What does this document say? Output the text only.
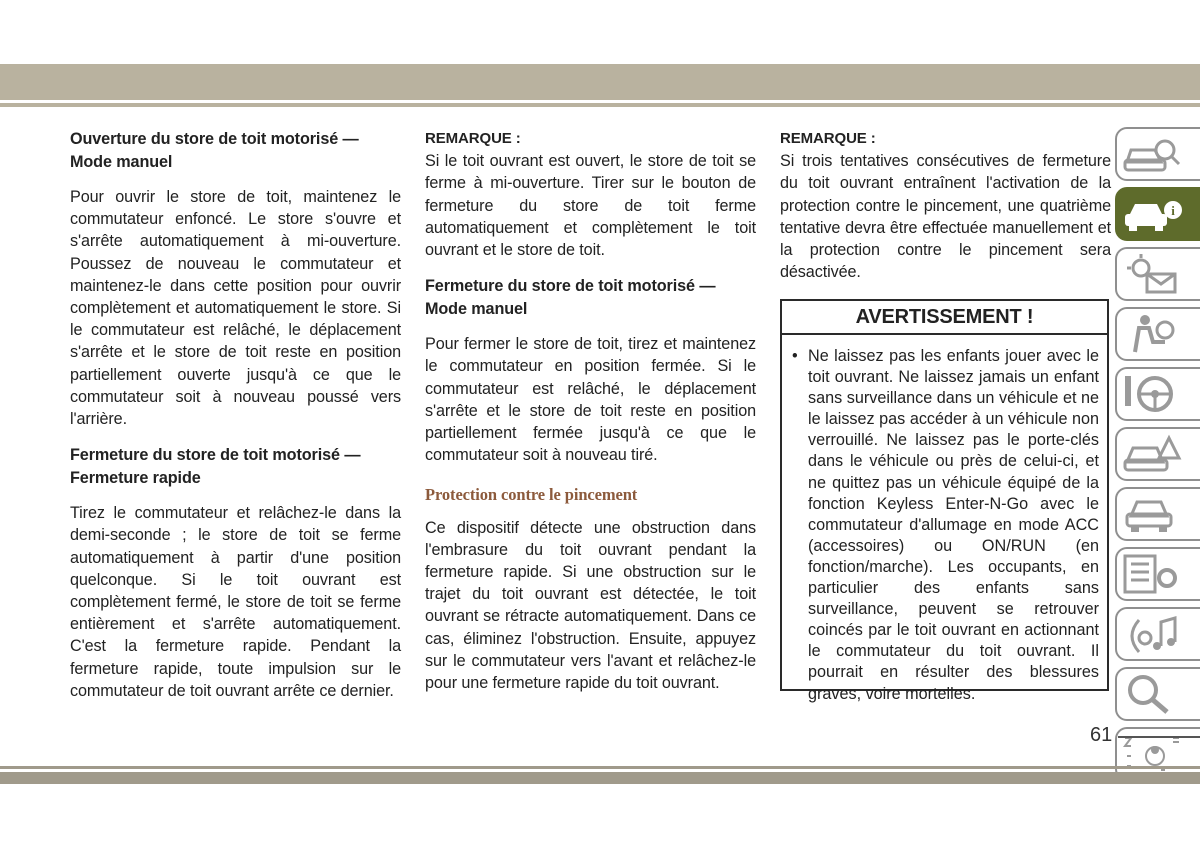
Ouverture du store de toit motorisé — Mode manuel

Pour ouvrir le store de toit, maintenez le commutateur enfoncé. Le store s'ouvre et s'arrête automatiquement à mi-ouverture. Poussez de nouveau le commutateur et maintenez-le dans cette position pour ouvrir complètement et automatiquement le store. Si le commutateur est relâché, le déplacement s'arrête et le store de toit reste en position partiellement ouverte jusqu'à ce que le commutateur soit à nouveau poussé vers l'arrière.

Fermeture du store de toit motorisé — Fermeture rapide

Tirez le commutateur et relâchez-le dans la demi-seconde ; le store de toit se ferme automatiquement à partir d'une position quelconque. Si le toit ouvrant est complètement fermé, le store de toit se ferme entièrement et s'arrête automatiquement. C'est la fermeture rapide. Pendant la fermeture rapide, toute impulsion sur le commutateur de toit ouvrant arrête ce dernier.

REMARQUE :

Si le toit ouvrant est ouvert, le store de toit se ferme à mi-ouverture. Tirer sur le bouton de fermeture du store de toit ferme automatiquement et complètement le toit ouvrant et le store de toit.

Fermeture du store de toit motorisé — Mode manuel

Pour fermer le store de toit, tirez et maintenez le commutateur en position fermée. Si le commutateur est relâché, le déplacement s'arrête et le store de toit reste en position partiellement fermée jusqu'à ce que le commutateur soit à nouveau tiré.

Protection contre le pincement

Ce dispositif détecte une obstruction dans l'embrasure du toit ouvrant pendant la fermeture rapide. Si une obstruction sur le trajet du toit ouvrant est détectée, le toit ouvrant se rétracte automatiquement. Dans ce cas, éliminez l'obstruction. Ensuite, appuyez sur le commutateur vers l'avant et relâchez-le pour une fermeture rapide du toit ouvrant.

REMARQUE :

Si trois tentatives consécutives de fermeture du toit ouvrant entraînent l'activation de la protection contre le pincement, une quatrième tentative devra être effectuée manuellement et la protection contre le pincement sera désactivée.

AVERTISSEMENT !
• Ne laissez pas les enfants jouer avec le toit ouvrant. Ne laissez jamais un enfant sans surveillance dans un véhicule et ne le laissez pas accéder à un véhicule non verrouillé. Ne laissez pas le porte-clés dans le véhicule ou près de celui-ci, et ne quittez pas un véhicule équipé de la fonction Keyless Enter-N-Go avec le commutateur d'allumage en mode ACC (accessoires) ou ON/RUN (en fonction/marche). Les occupants, en particulier des enfants sans surveillance, peuvent se retrouver coincés par le toit ouvrant en actionnant le commutateur du toit ouvrant. Il pourrait en résulter des blessures graves, voire mortelles.
i
61
